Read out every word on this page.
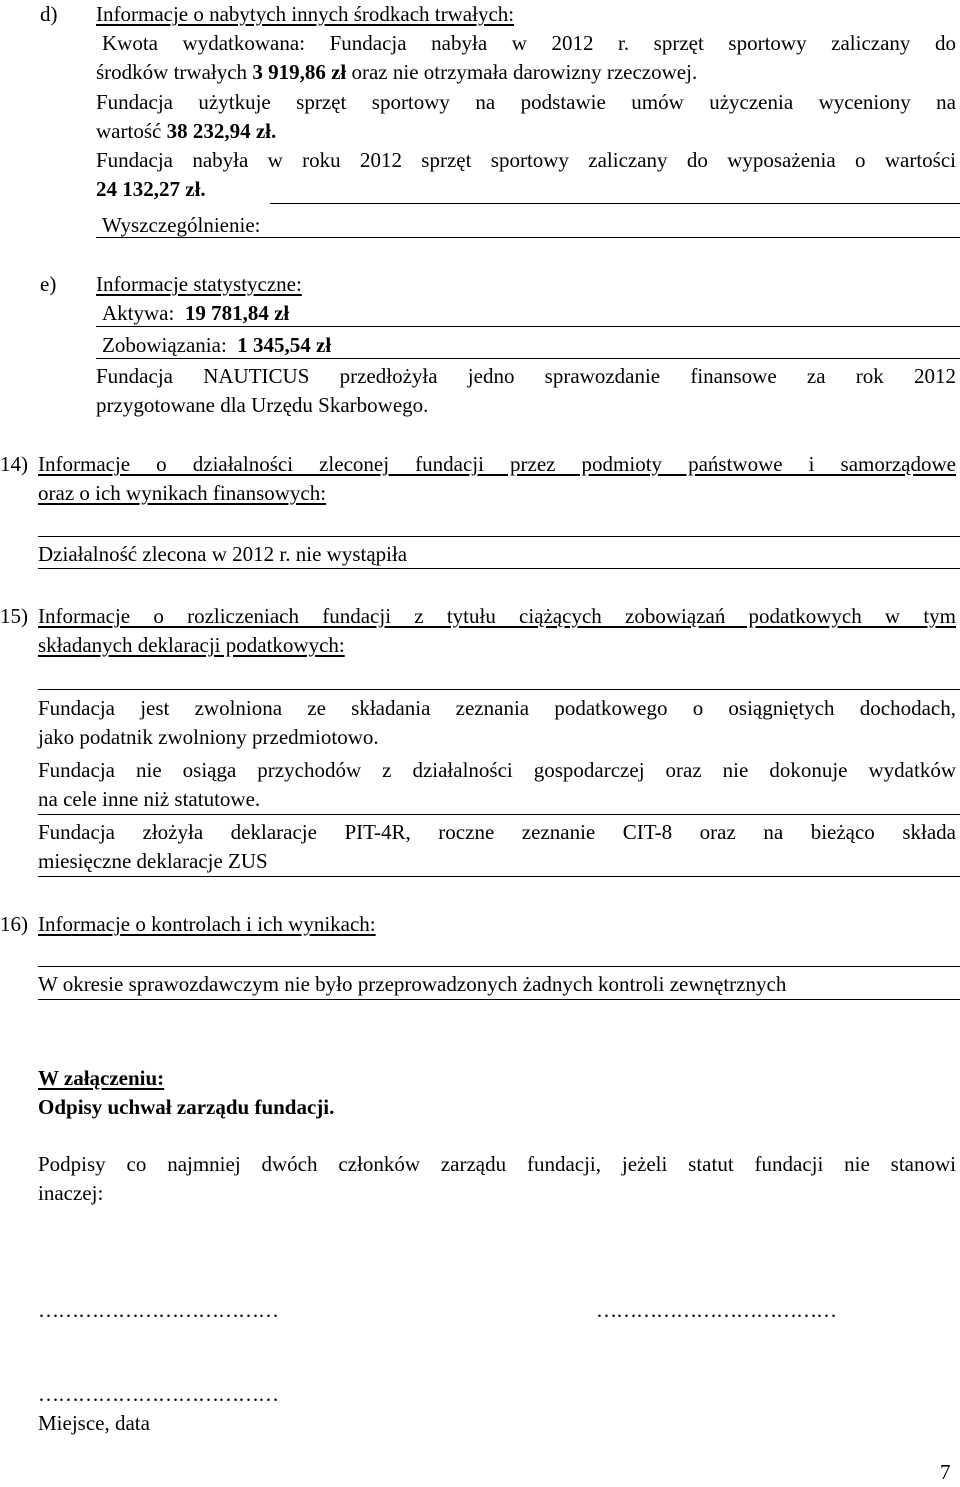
d) Informacje o nabytych innych środkach trwałych:
Kwota wydatkowana: Fundacja nabyła w 2012 r. sprzęt sportowy zaliczany do
środków trwałych 3 919,86 zł oraz nie otrzymała darowizny rzeczowej.
Fundacja użytkuje sprzęt sportowy na podstawie umów użyczenia wyceniony na
wartość 38 232,94 zł.
Fundacja nabyła w roku 2012 sprzęt sportowy zaliczany do wyposażenia o wartości
24 132,27 zł.
Wyszczególnienie:
e) Informacje statystyczne:
Aktywa: 19 781,84 zł
Zobowiązania: 1 345,54 zł
Fundacja NAUTICUS przedłożyła jedno sprawozdanie finansowe za rok 2012
przygotowane dla Urzędu Skarbowego.
14) Informacje o działalności zleconej fundacji przez podmioty państwowe i samorządowe
oraz o ich wynikach finansowych:
Działalność zlecona w 2012 r. nie wystąpiła
15) Informacje o rozliczeniach fundacji z tytułu ciążących zobowiązań podatkowych w tym
składanych deklaracji podatkowych:
Fundacja jest zwolniona ze składania zeznania podatkowego o osiągniętych dochodach,
jako podatnik zwolniony przedmiotowo.
Fundacja nie osiąga przychodów z działalności gospodarczej oraz nie dokonuje wydatków
na cele inne niż statutowe.
Fundacja złożyła deklaracje PIT-4R, roczne zeznanie CIT-8 oraz na bieżąco składa
miesięczne deklaracje ZUS
16) Informacje o kontrolach i ich wynikach:
W okresie sprawozdawczym nie było przeprowadzonych żadnych kontroli zewnętrznych
W załączeniu:
Odpisy uchwał zarządu fundacji.
Podpisy co najmniej dwóch członków zarządu fundacji, jeżeli statut fundacji nie stanowi
inaczej:
………………………………	………………………………
………………………………
Miejsce, data
7
